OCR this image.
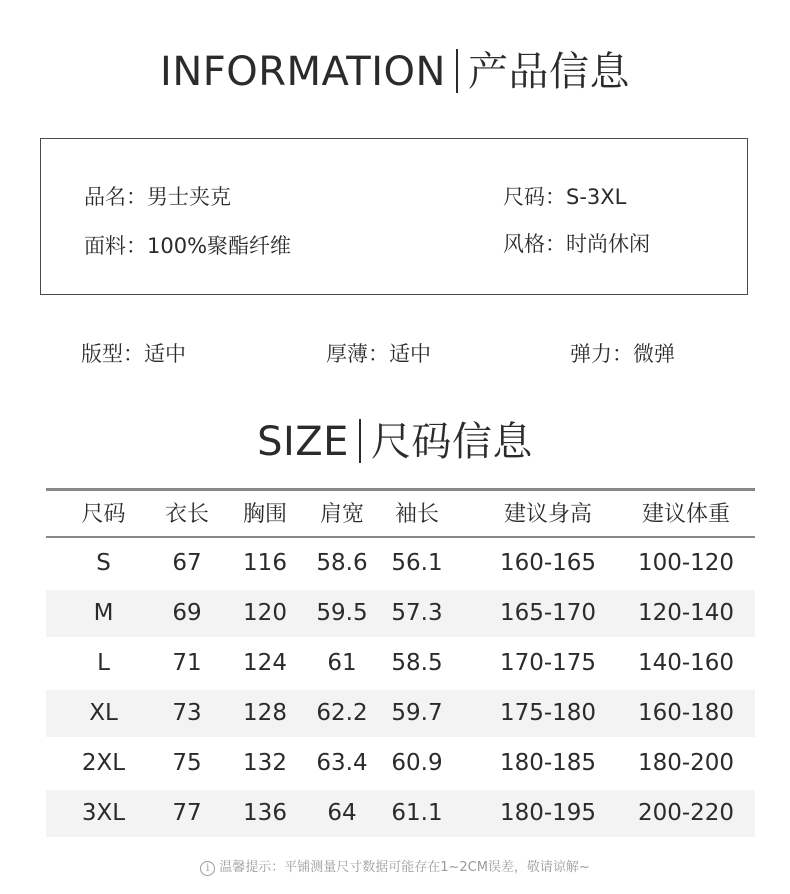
INFORMATION 产品信息
品名 ： 男士夹克	尺码 ： S-3XL
面料 ： 100%聚酯纤维	风格 ： 时尚休闲
版型 ： 适中	厚薄 ： 适中	弹力 ： 微弹
SIZE 尺码信息
尺码	衣长	胸围	肩宽	袖长	建议身高	建议体重
S	67	116	58.6	56.1	160-165	100-120
M	69	120	59.5	57.3	165-170	120-140
L	71	124	61	58.5	170-175	140-160
XL	73	128	62.2	59.7	175-180	160-180
2XL	75	132	63.4	60.9	180-185	180-200
3XL	77	136	64	61.1	180-195	200-220
i 温馨提示：平铺测量尺寸数据可能存在1~2CM误差，敬请谅解~
